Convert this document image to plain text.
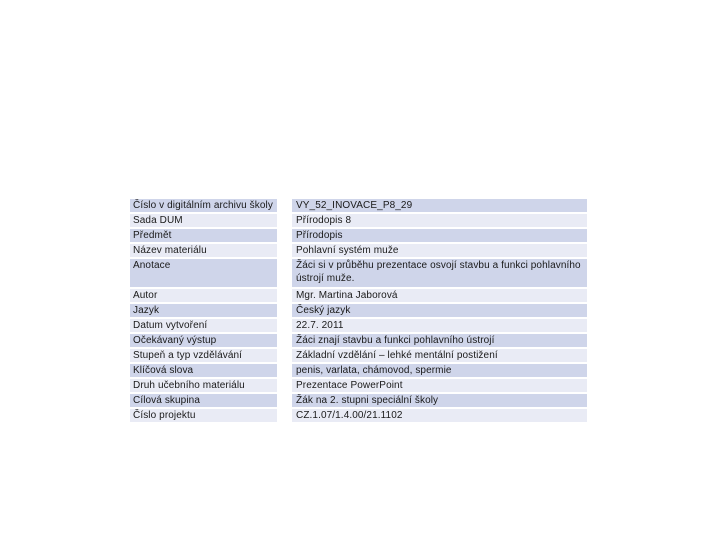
Číslo v digitálním archivu školy		VY_52_INOVACE_P8_29
Sada DUM		Přírodopis 8
Předmět		Přírodopis
Název materiálu		Pohlavní systém muže
Anotace		Žáci si v průběhu prezentace osvojí stavbu a funkci pohlavního ústrojí muže.
Autor		Mgr. Martina Jaborová
Jazyk		Český jazyk
Datum vytvoření		22.7. 2011
Očekávaný výstup		Žáci znají stavbu a funkci pohlavního ústrojí
Stupeň a typ vzdělávání		Základní vzdělání – lehké mentální postižení
Klíčová slova		penis, varlata, chámovod, spermie
Druh učebního materiálu		Prezentace PowerPoint
Cílová skupina		Žák na 2. stupni speciální školy
Číslo projektu		CZ.1.07/1.4.00/21.1102
